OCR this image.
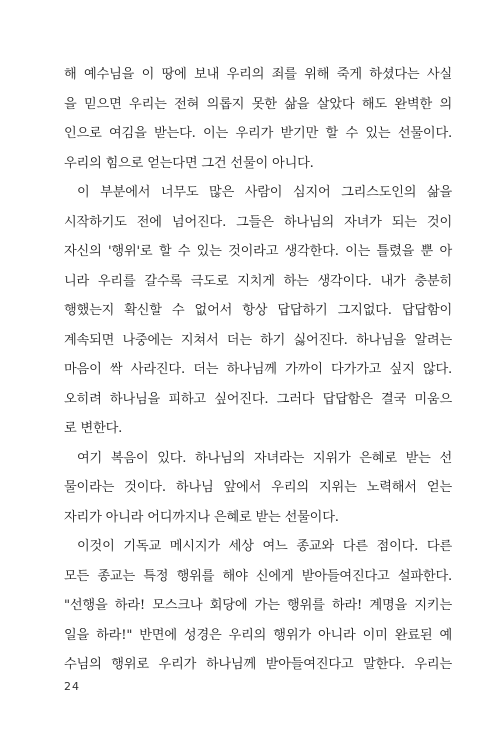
해 예수님을 이 땅에 보내 우리의 죄를 위해 죽게 하셨다는 사실
을 믿으면 우리는 전혀 의롭지 못한 삶을 살았다 해도 완벽한 의
인으로 여김을 받는다. 이는 우리가 받기만 할 수 있는 선물이다.
우리의 힘으로 얻는다면 그건 선물이 아니다.
이 부분에서 너무도 많은 사람이 심지어 그리스도인의 삶을
시작하기도 전에 넘어진다. 그들은 하나님의 자녀가 되는 것이
자신의 '행위'로 할 수 있는 것이라고 생각한다. 이는 틀렸을 뿐 아
니라 우리를 갈수록 극도로 지치게 하는 생각이다. 내가 충분히
행했는지 확신할 수 없어서 항상 답답하기 그지없다. 답답함이
계속되면 나중에는 지쳐서 더는 하기 싫어진다. 하나님을 알려는
마음이 싹 사라진다. 더는 하나님께 가까이 다가가고 싶지 않다.
오히려 하나님을 피하고 싶어진다. 그러다 답답함은 결국 미움으
로 변한다.
여기 복음이 있다. 하나님의 자녀라는 지위가 은혜로 받는 선
물이라는 것이다. 하나님 앞에서 우리의 지위는 노력해서 얻는
자리가 아니라 어디까지나 은혜로 받는 선물이다.
이것이 기독교 메시지가 세상 여느 종교와 다른 점이다. 다른
모든 종교는 특정 행위를 해야 신에게 받아들여진다고 설파한다.
"선행을 하라! 모스크나 회당에 가는 행위를 하라! 계명을 지키는
일을 하라!" 반면에 성경은 우리의 행위가 아니라 이미 완료된 예
수님의 행위로 우리가 하나님께 받아들여진다고 말한다. 우리는
24
